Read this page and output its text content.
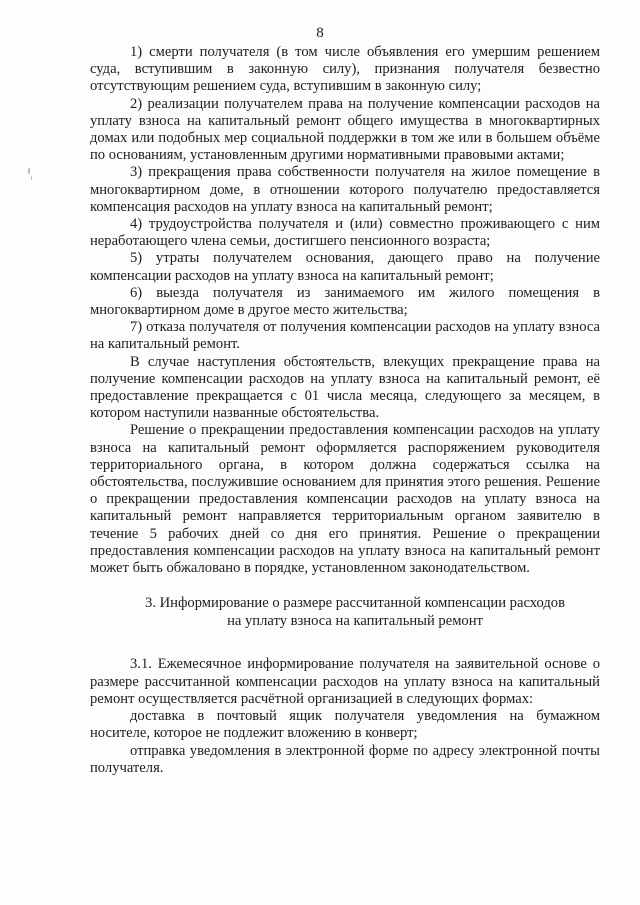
8

1) смерти получателя (в том числе объявления его умершим решением суда, вступившим в законную силу), признания получателя безвестно отсутствующим решением суда, вступившим в законную силу;

2) реализации получателем права на получение компенсации расходов на уплату взноса на капитальный ремонт общего имущества в многоквартирных домах или подобных мер социальной поддержки в том же или в большем объёме по основаниям, установленным другими нормативными правовыми актами;

3) прекращения права собственности получателя на жилое помещение в многоквартирном доме, в отношении которого получателю предоставляется компенсация расходов на уплату взноса на капитальный ремонт;

4) трудоустройства получателя и (или) совместно проживающего с ним неработающего члена семьи, достигшего пенсионного возраста;

5) утраты получателем основания, дающего право на получение компенсации расходов на уплату взноса на капитальный ремонт;

6) выезда получателя из занимаемого им жилого помещения в многоквартирном доме в другое место жительства;

7) отказа получателя от получения компенсации расходов на уплату взноса на капитальный ремонт.

В случае наступления обстоятельств, влекущих прекращение права на получение компенсации расходов на уплату взноса на капитальный ремонт, её предоставление прекращается с 01 числа месяца, следующего за месяцем, в котором наступили названные обстоятельства.

Решение о прекращении предоставления компенсации расходов на уплату взноса на капитальный ремонт оформляется распоряжением руководителя территориального органа, в котором должна содержаться ссылка на обстоятельства, послужившие основанием для принятия этого решения. Решение о прекращении предоставления компенсации расходов на уплату взноса на капитальный ремонт направляется территориальным органом заявителю в течение 5 рабочих дней со дня его принятия. Решение о прекращении предоставления компенсации расходов на уплату взноса на капитальный ремонт может быть обжаловано в порядке, установленном законодательством.

3. Информирование о размере рассчитанной компенсации расходов
на уплату взноса на капитальный ремонт

3.1. Ежемесячное информирование получателя на заявительной основе о размере рассчитанной компенсации расходов на уплату взноса на капитальный ремонт осуществляется расчётной организацией в следующих формах:

доставка в почтовый ящик получателя уведомления на бумажном носителе, которое не подлежит вложению в конверт;

отправка уведомления в электронной форме по адресу электронной почты получателя.
